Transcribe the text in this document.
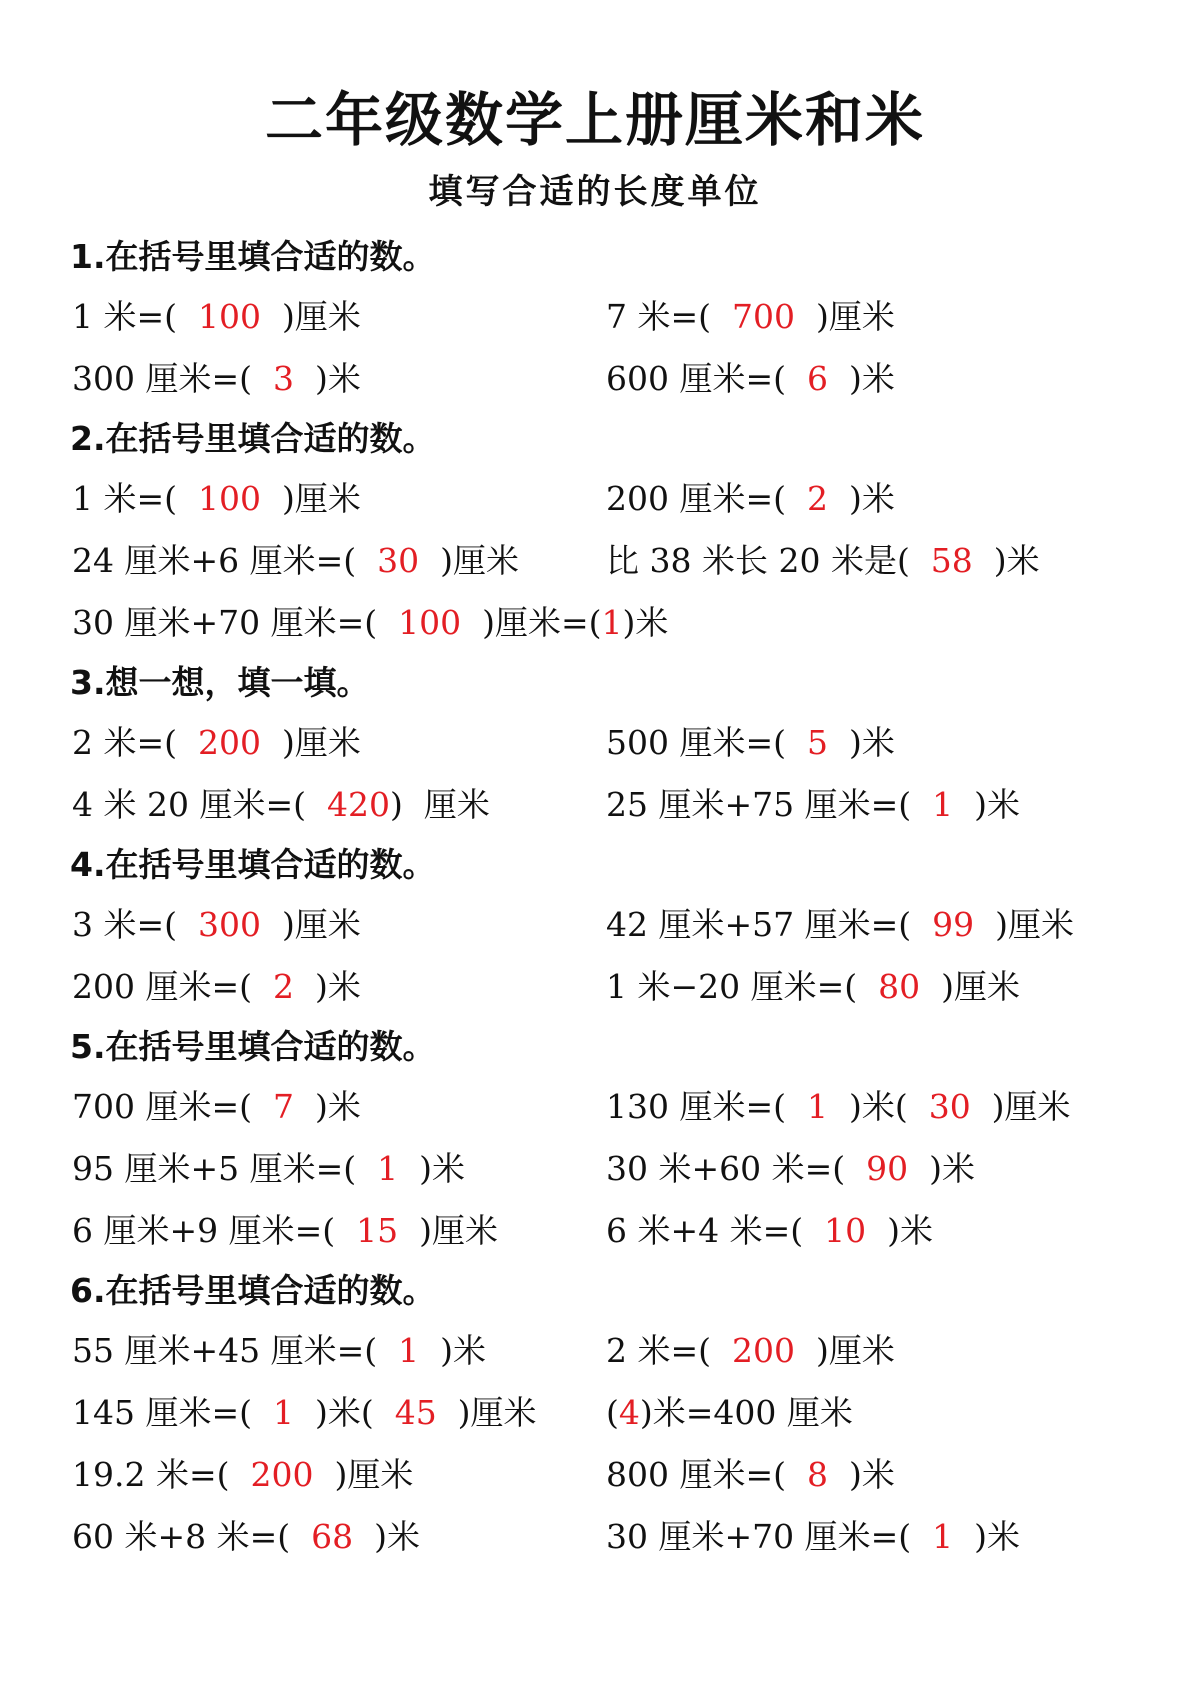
二年级数学上册厘米和米
填写合适的长度单位
1.在括号里填合适的数。
1 米=(  100  )厘米	7 米=(  700  )厘米
300 厘米=(  3  )米	600 厘米=(  6  )米
2.在括号里填合适的数。
1 米=(  100  )厘米	200 厘米=(  2  )米
24 厘米+6 厘米=(  30  )厘米	比 38 米长 20 米是(  58  )米
30 厘米+70 厘米=(  100  )厘米=(1)米
3.想一想，填一填。
2 米=(  200  )厘米	500 厘米=(  5  )米
4 米 20 厘米=(  420)  厘米	25 厘米+75 厘米=(  1  )米
4.在括号里填合适的数。
3 米=(  300  )厘米	42 厘米+57 厘米=(  99  )厘米
200 厘米=(  2  )米	1 米−20 厘米=(  80  )厘米
5.在括号里填合适的数。
700 厘米=(  7  )米	130 厘米=(  1  )米(  30  )厘米
95 厘米+5 厘米=(  1  )米	30 米+60 米=(  90  )米
6 厘米+9 厘米=(  15  )厘米	6 米+4 米=(  10  )米
6.在括号里填合适的数。
55 厘米+45 厘米=(  1  )米	2 米=(  200  )厘米
145 厘米=(  1  )米(  45  )厘米 (4)米=400 厘米
19.2 米=(  200  )厘米	800 厘米=(  8  )米
60 米+8 米=(  68  )米	30 厘米+70 厘米=(  1  )米
